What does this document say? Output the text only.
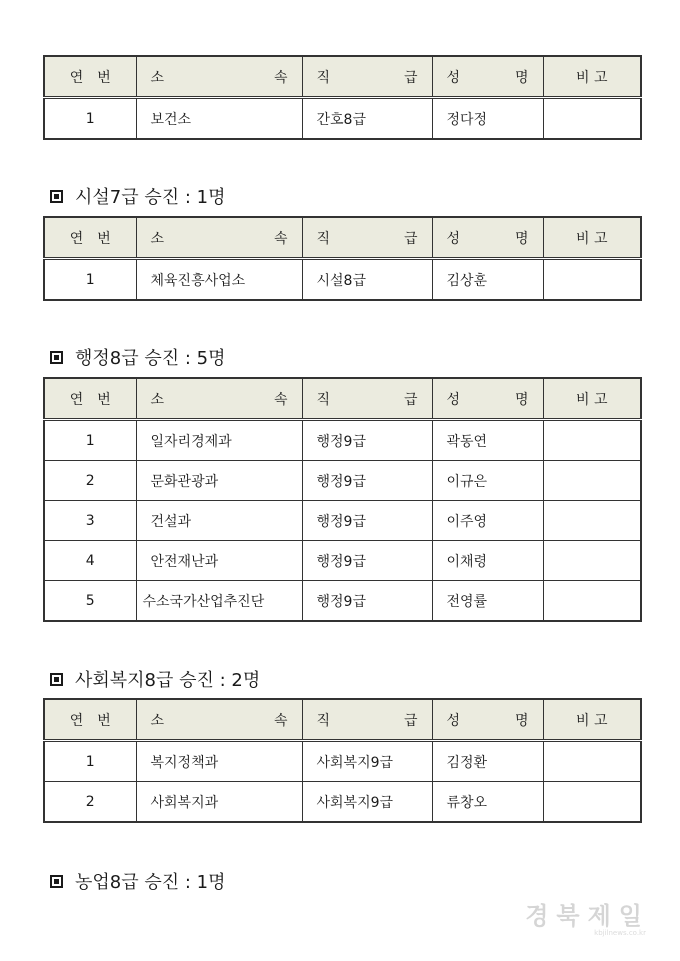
연　번	소　　속	직　급	성　명	비 고
1	보건소	간호8급	정다정	

시설7급 승진 : 1명
연　번	소　　속	직　급	성　명	비 고
1	체육진흥사업소	시설8급	김상훈	

행정8급 승진 : 5명
연　번	소　　속	직　급	성　명	비 고
1	일자리경제과	행정9급	곽동연	

2	문화관광과	행정9급	이규은	

3	건설과	행정9급	이주영	

4	안전재난과	행정9급	이채령	

5	수소국가산업추진단	행정9급	전영률	

사회복지8급 승진 : 2명
연　번	소　　속	직　급	성　명	비 고
1	복지정책과	사회복지9급	김정환	

2	사회복지과	사회복지9급	류창오	

농업8급 승진 : 1명
경북제일
kbjilnews.co.kr
